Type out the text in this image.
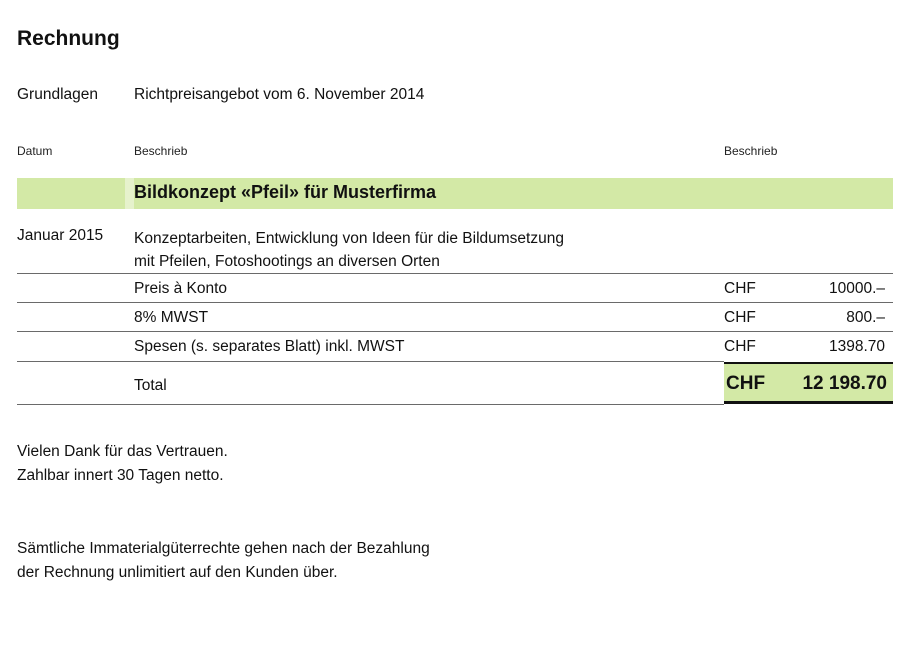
Rechnung
Grundlagen Richtpreisangebot vom 6. November 2014
Datum	Beschrieb	Beschrieb
Bildkonzept «Pfeil» für Musterfirma
Januar 2015 Konzeptarbeiten, Entwicklung von Ideen für die Bildumsetzung
mit Pfeilen, Fotoshootings an diversen Orten
Preis à Konto	CHF	10000.–
8% MWST	CHF	800.–
Spesen (s. separates Blatt) inkl. MWST	CHF	1398.70
Total	CHF 12 198.70
Vielen Dank für das Vertrauen.
Zahlbar innert 30 Tagen netto.
Sämtliche Immaterialgüterrechte gehen nach der Bezahlung
der Rechnung unlimitiert auf den Kunden über.
